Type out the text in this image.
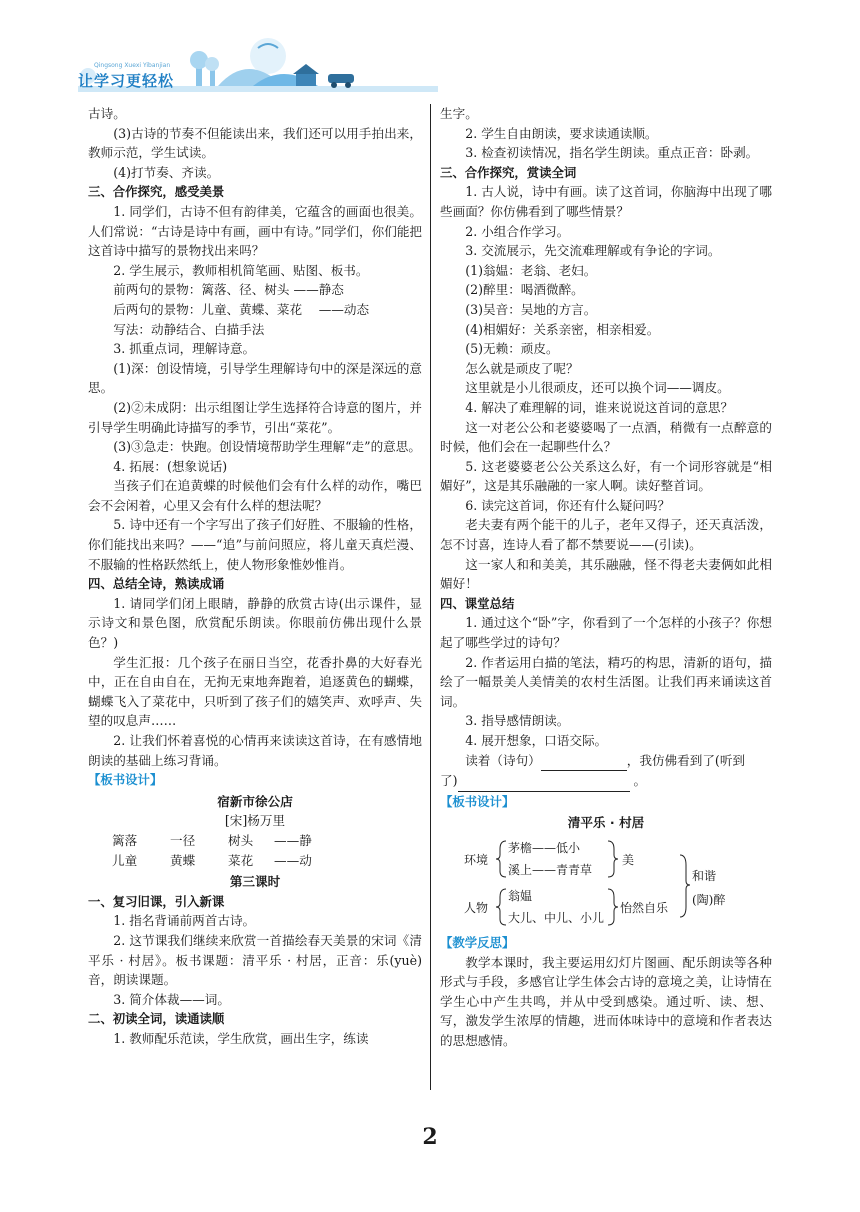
Qingsong Xuexi Yibanjian
让学习更轻松

古诗。

(3)古诗的节奏不但能读出来，我们还可以用手拍出来，教师示范，学生试读。

(4)打节奏、齐读。

三、合作探究，感受美景

1. 同学们，古诗不但有韵律美，它蕴含的画面也很美。人们常说：“古诗是诗中有画，画中有诗。”同学们，你们能把这首诗中描写的景物找出来吗？

2. 学生展示，教师相机简笔画、贴图、板书。

前两句的景物：篱落、径、树头 ——静态

后两句的景物：儿童、黄蝶、菜花　 ——动态

写法：动静结合、白描手法

3. 抓重点词，理解诗意。

(1)深：创设情境，引导学生理解诗句中的深是深远的意思。

(2)②未成阴：出示组图让学生选择符合诗意的图片，并引导学生明确此诗描写的季节，引出“菜花”。

(3)③急走：快跑。创设情境帮助学生理解“走”的意思。

4. 拓展：(想象说话)

当孩子们在追黄蝶的时候他们会有什么样的动作，嘴巴会不会闲着，心里又会有什么样的想法呢？

5. 诗中还有一个字写出了孩子们好胜、不服输的性格，你们能找出来吗？——“追”与前问照应，将儿童天真烂漫、不服输的性格跃然纸上，使人物形象惟妙惟肖。

四、总结全诗，熟读成诵

1. 请同学们闭上眼睛，静静的欣赏古诗(出示课件，显示诗文和景色图，欣赏配乐朗读。你眼前仿佛出现什么景色？)

学生汇报：几个孩子在丽日当空，花香扑鼻的大好春光中，正在自由自在，无拘无束地奔跑着，追逐黄色的蝴蝶，蝴蝶飞入了菜花中，只听到了孩子们的嬉笑声、欢呼声、失望的叹息声……

2. 让我们怀着喜悦的心情再来读读这首诗，在有感情地朗读的基础上练习背诵。

【板书设计】

宿新市徐公店

[宋]杨万里

篱落	一径	树头	——静
儿童	黄蝶	菜花	——动

第三课时

一、复习旧课，引入新课

1. 指名背诵前两首古诗。

2. 这节课我们继续来欣赏一首描绘春天美景的宋词《清平乐 · 村居》。板书课题：清平乐 · 村居，正音：乐(yuè)音，朗读课题。

3. 简介体裁——词。

二、初读全词，读通读顺

1. 教师配乐范读，学生欣赏，画出生字，练读

生字。

2. 学生自由朗读，要求读通读顺。

3. 检查初读情况，指名学生朗读。重点正音：卧剥。

三、合作探究，赏读全词

1. 古人说，诗中有画。读了这首词，你脑海中出现了哪些画面？你仿佛看到了哪些情景？

2. 小组合作学习。

3. 交流展示，先交流难理解或有争论的字词。

(1)翁媪：老翁、老妇。

(2)醉里：喝酒微醉。

(3)吴音：吴地的方言。

(4)相媚好：关系亲密，相亲相爱。

(5)无赖：顽皮。

怎么就是顽皮了呢？

这里就是小儿很顽皮，还可以换个词——调皮。

4. 解决了难理解的词，谁来说说这首词的意思？

这一对老公公和老婆婆喝了一点酒，稍微有一点醉意的时候，他们会在一起聊些什么？

5. 这老婆婆老公公关系这么好，有一个词形容就是“相媚好”，这是其乐融融的一家人啊。读好整首词。

6. 读完这首词，你还有什么疑问吗？

老夫妻有两个能干的儿子，老年又得子，还天真活泼，怎不讨喜，连诗人看了都不禁要说——(引读)。

这一家人和和美美，其乐融融，怪不得老夫妻俩如此相媚好！

四、课堂总结

1. 通过这个“卧”字，你看到了一个怎样的小孩子？你想起了哪些学过的诗句？

2. 作者运用白描的笔法，精巧的构思，清新的语句，描绘了一幅景美人美情美的农村生活图。让我们再来诵读这首词。

3. 指导感情朗读。

4. 展开想象，口语交际。

读着（诗句）	，我仿佛看到了(听到

了)	。

【板书设计】

清平乐 · 村居

环境
茅檐——低小
溪上——青青草
美
人物
翁媪
大儿、中儿、小儿
怡然自乐
和谐
(陶)醉

【教学反思】

教学本课时，我主要运用幻灯片图画、配乐朗读等各种形式与手段，多感官让学生体会古诗的意境之美，让诗情在学生心中产生共鸣，并从中受到感染。通过听、读、想、写，激发学生浓厚的情趣，进而体味诗中的意境和作者表达的思想感情。

2
